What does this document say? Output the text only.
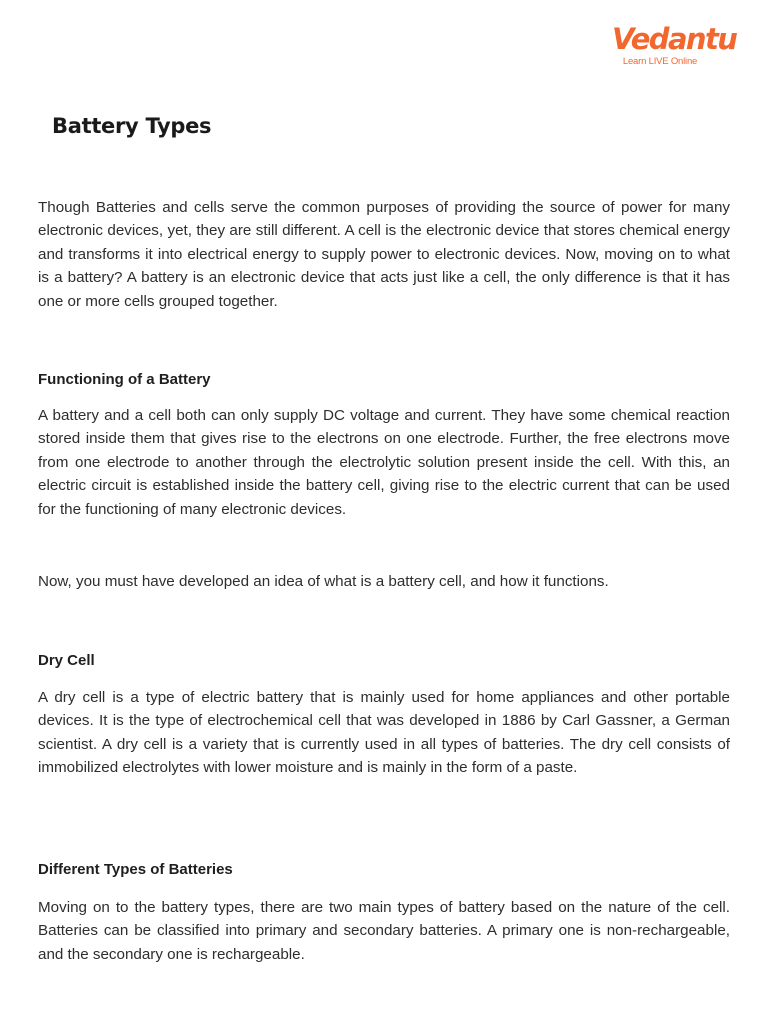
Vedantu
Learn LIVE Online
Battery Types

Though Batteries and cells serve the common purposes of providing the source of power for many electronic devices, yet, they are still different. A cell is the electronic device that stores chemical energy and transforms it into electrical energy to supply power to electronic devices. Now, moving on to what is a battery? A battery is an electronic device that acts just like a cell, the only difference is that it has one or more cells grouped together.

Functioning of a Battery

A battery and a cell both can only supply DC voltage and current. They have some chemical reaction stored inside them that gives rise to the electrons on one electrode. Further, the free electrons move from one electrode to another through the electrolytic solution present inside the cell. With this, an electric circuit is established inside the battery cell, giving rise to the electric current that can be used for the functioning of many electronic devices.

Now, you must have developed an idea of what is a battery cell, and how it functions.

Dry Cell

A dry cell is a type of electric battery that is mainly used for home appliances and other portable devices. It is the type of electrochemical cell that was developed in 1886 by Carl Gassner, a German scientist. A dry cell is a variety that is currently used in all types of batteries. The dry cell consists of immobilized electrolytes with lower moisture and is mainly in the form of a paste.

Different Types of Batteries

Moving on to the battery types, there are two main types of battery based on the nature of the cell. Batteries can be classified into primary and secondary batteries. A primary one is non-rechargeable, and the secondary one is rechargeable.
